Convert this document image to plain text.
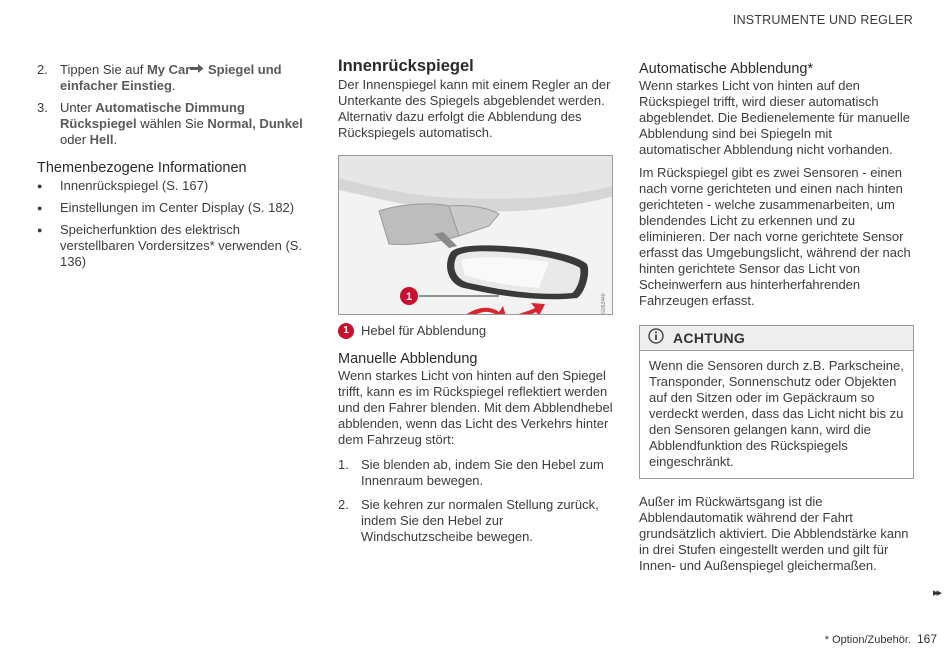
INSTRUMENTE UND REGLER
2. Tippen Sie auf My Car Spiegel und einfacher Einstieg.
3. Unter Automatische Dimmung Rückspiegel wählen Sie Normal, Dunkel oder Hell.
Themenbezogene Informationen
●	Innenrückspiegel (S. 167)
●	Einstellungen im Center Display (S. 182)
●	Speicherfunktion des elektrisch verstellbaren Vordersitzes* verwenden (S. 136)
Innenrückspiegel
Der Innenspiegel kann mit einem Regler an der Unterkante des Spiegels abgeblendet werden. Alternativ dazu erfolgt die Abblendung des Rückspiegels automatisch.
1	G053440
1 Hebel für Abblendung
Manuelle Abblendung
Wenn starkes Licht von hinten auf den Spiegel trifft, kann es im Rückspiegel reflektiert werden und den Fahrer blenden. Mit dem Abblendhebel abblenden, wenn das Licht des Verkehrs hinter dem Fahrzeug stört:
1. Sie blenden ab, indem Sie den Hebel zum Innenraum bewegen.
2. Sie kehren zur normalen Stellung zurück, indem Sie den Hebel zur Windschutzscheibe bewegen.
Automatische Abblendung*
Wenn starkes Licht von hinten auf den Rückspiegel trifft, wird dieser automatisch abgeblendet. Die Bedienelemente für manuelle Abblendung sind bei Spiegeln mit automatischer Abblendung nicht vorhanden.
Im Rückspiegel gibt es zwei Sensoren - einen nach vorne gerichteten und einen nach hinten gerichteten - welche zusammenarbeiten, um blendendes Licht zu erkennen und zu eliminieren. Der nach vorne gerichtete Sensor erfasst das Umgebungslicht, während der nach hinten gerichtete Sensor das Licht von Scheinwerfern aus hinterherfahrenden Fahrzeugen erfasst.
ACHTUNG
Wenn die Sensoren durch z.B. Parkscheine, Transponder, Sonnenschutz oder Objekten auf den Sitzen oder im Gepäckraum so verdeckt werden, dass das Licht nicht bis zu den Sensoren gelangen kann, wird die Abblendfunktion des Rückspiegels eingeschränkt.
Außer im Rückwärtsgang ist die Abblendautomatik während der Fahrt grundsätzlich aktiviert. Die Abblendstärke kann in drei Stufen eingestellt werden und gilt für Innen- und Außenspiegel gleichermaßen.
▸▸
* Option/Zubehör. 167
